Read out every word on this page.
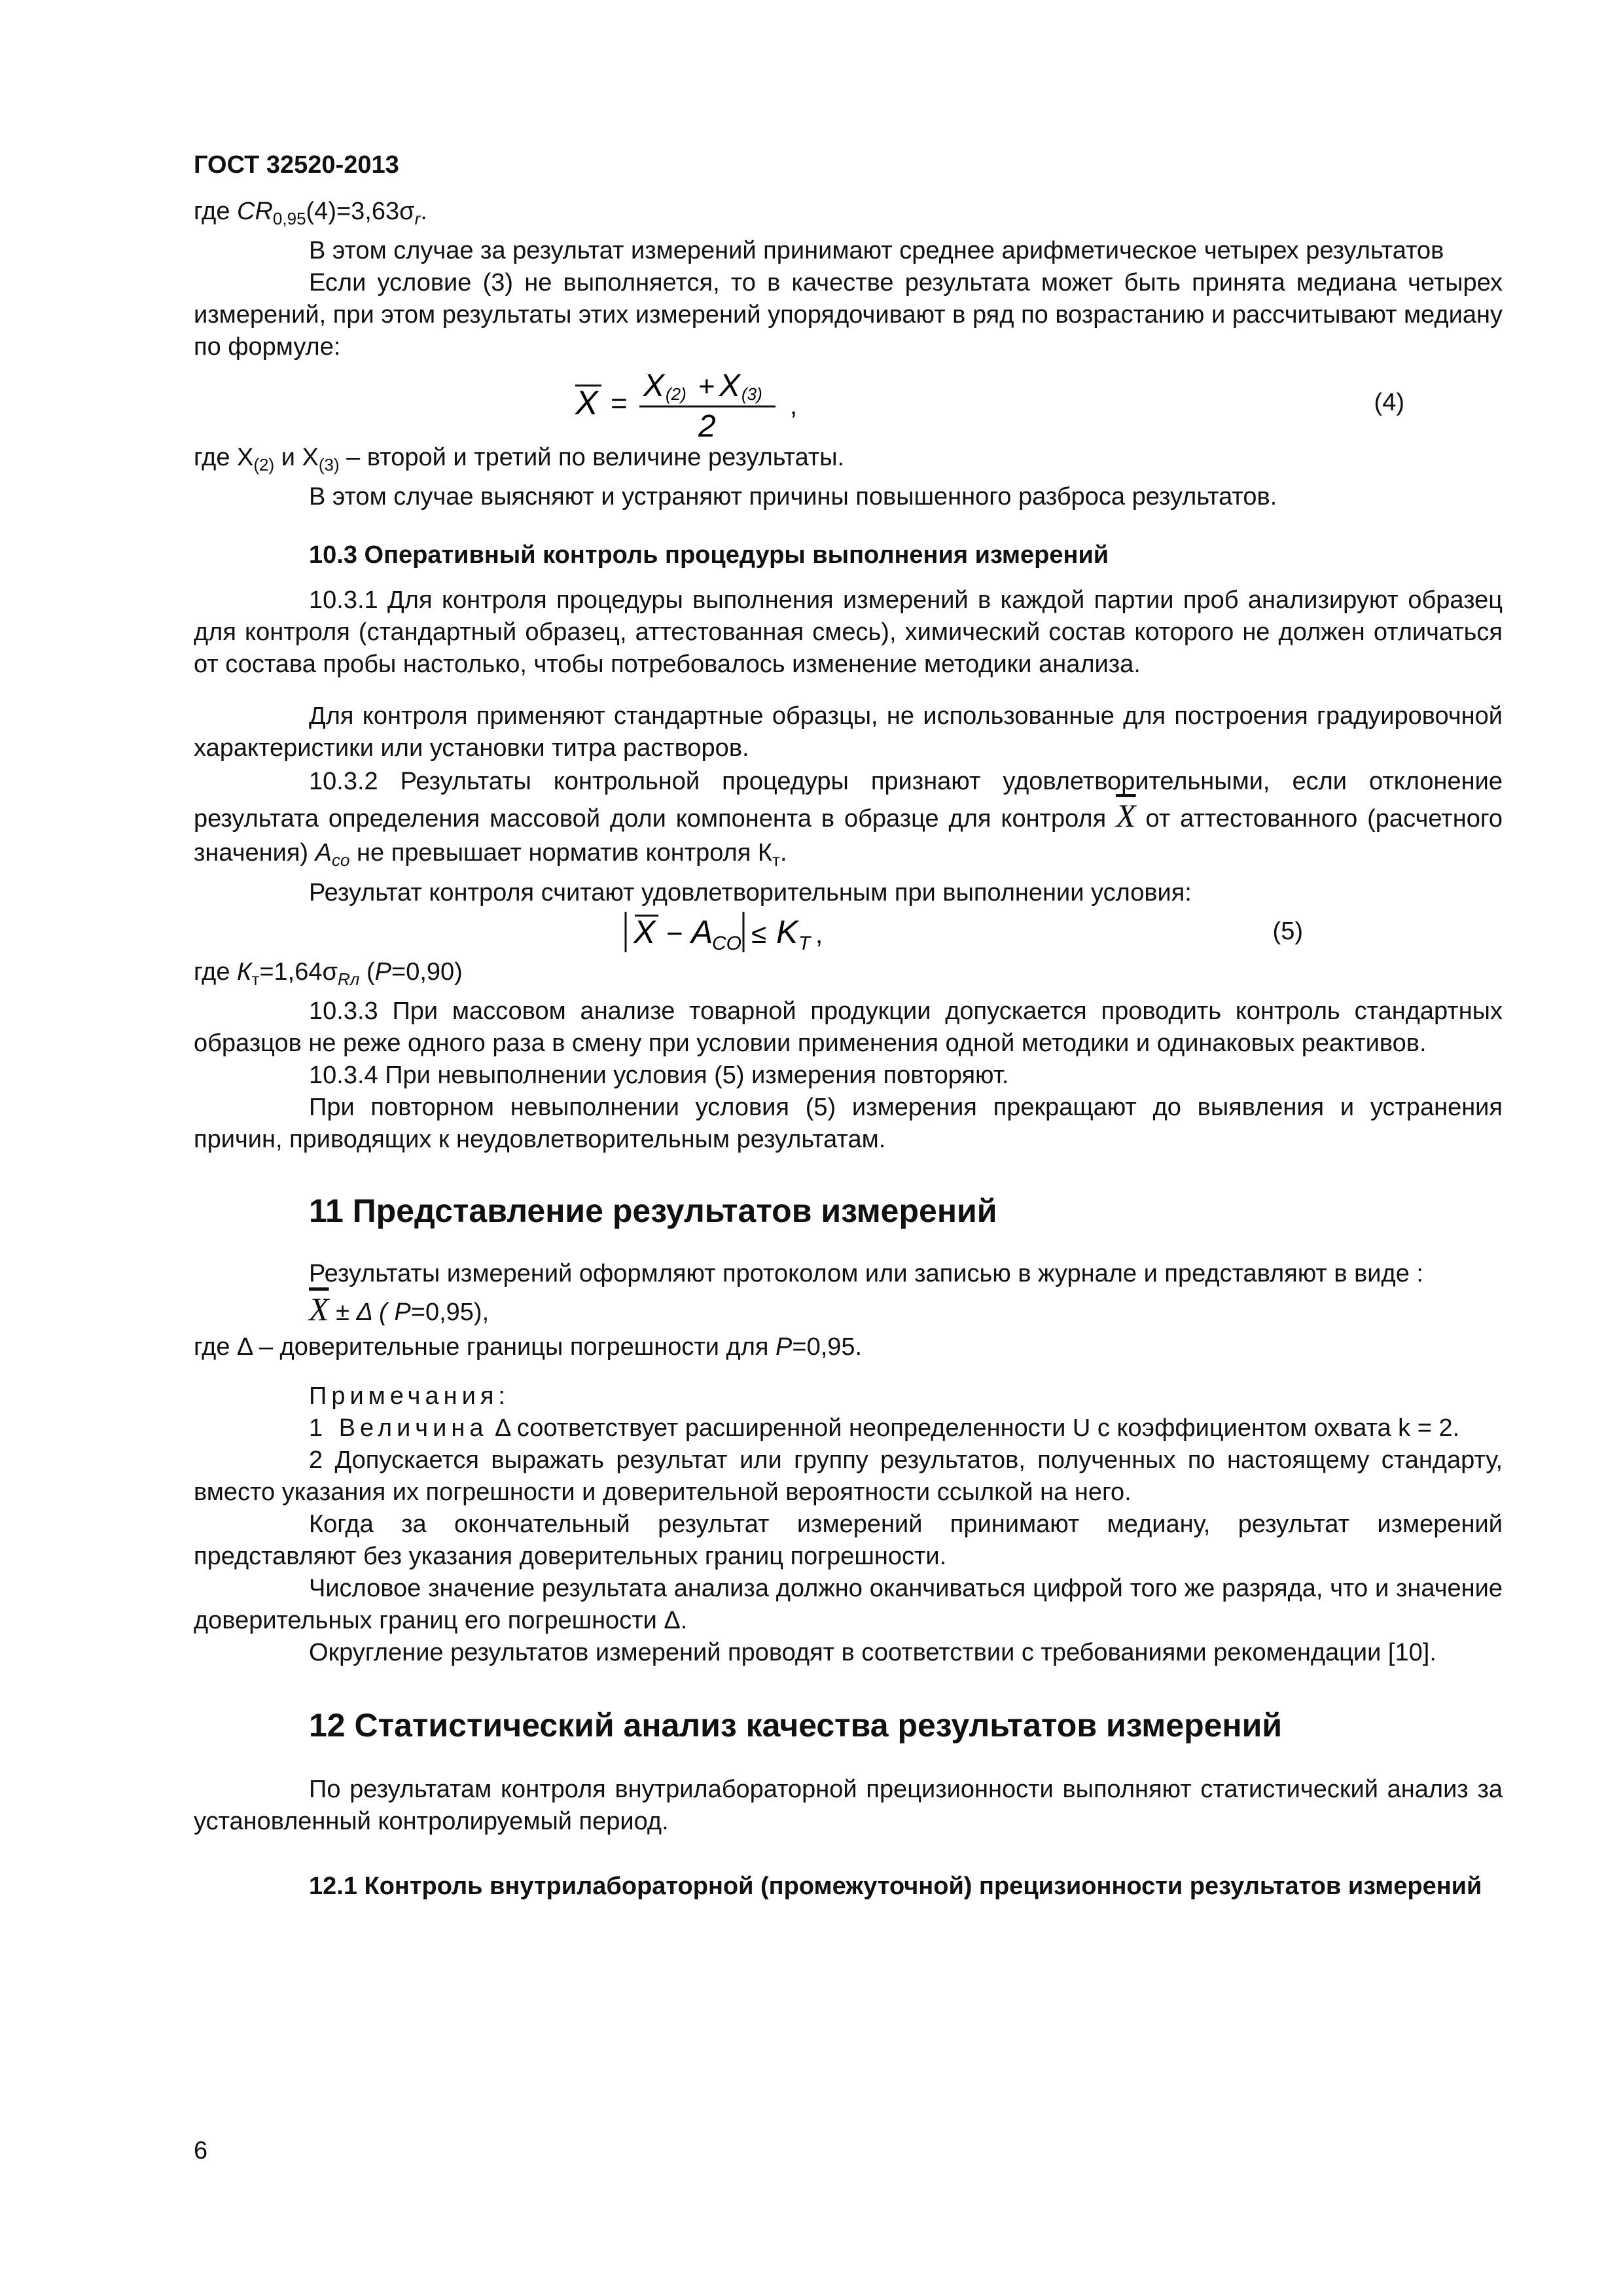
ГОСТ 32520-2013

где $CR_{0,95}(4)=3,63\sigma_r$.

В этом случае за результат измерений принимают среднее арифметическое четырех результатов

Если условие (3) не выполняется, то в качестве результата может быть принята медиана четырех измерений, при этом результаты этих измерений упорядочивают в ряд по возрастанию и рассчитывают медиану по формуле:

X =
X (2) + X (3)
2
,	(4)

где $X_{(2)}$ и $X_{(3)}$ – второй и третий по величине результаты.

В этом случае выясняют и устраняют причины повышенного разброса результатов.

10.3 Оперативный контроль процедуры выполнения измерений

10.3.1 Для контроля процедуры выполнения измерений в каждой партии проб анализируют образец для контроля (стандартный образец, аттестованная смесь), химический состав которого не должен отличаться от состава пробы настолько, чтобы потребовалось изменение методики анализа.

Для контроля применяют стандартные образцы, не использованные для построения градуировочной характеристики или установки титра растворов.

10.3.2 Результаты контрольной процедуры признают удовлетворительными, если отклонение результата определения массовой доли компонента в образце для контроля $\overline{X}$ от аттестованного (расчетного значения) $A_{со}$ не превышает норматив контроля $К_т$.

Результат контроля считают удовлетворительным при выполнении условия:

X − A
CO ≤ K T ,	(5)

где $К_т=1,64\sigma_{Rл}$ (P=0,90)

10.3.3 При массовом анализе товарной продукции допускается проводить контроль стандартных образцов не реже одного раза в смену при условии применения одной методики и одинаковых реактивов.

10.3.4 При невыполнении условия (5) измерения повторяют.

При повторном невыполнении условия (5) измерения прекращают до выявления и устранения причин, приводящих к неудовлетворительным результатам.

11 Представление результатов измерений

Результаты измерений оформляют протоколом или записью в журнале и представляют в виде :

$\overline{X} \pm \Delta$ ( P=0,95),

где Δ – доверительные границы погрешности для P=0,95.

Примечания:

1 Величина Δ соответствует расширенной неопределенности U с коэффициентом охвата k = 2.

2 Допускается выражать результат или группу результатов, полученных по настоящему стандарту, вместо указания их погрешности и доверительной вероятности ссылкой на него.

Когда за окончательный результат измерений принимают медиану, результат измерений представляют без указания доверительных границ погрешности.

Числовое значение результата анализа должно оканчиваться цифрой того же разряда, что и значение доверительных границ его погрешности Δ.

Округление результатов измерений проводят в соответствии с требованиями рекомендации [10].

12 Статистический анализ качества результатов измерений

По результатам контроля внутрилабораторной прецизионности выполняют статистический анализ за установленный контролируемый период.

12.1 Контроль внутрилабораторной (промежуточной) прецизионности результатов измерений

6
